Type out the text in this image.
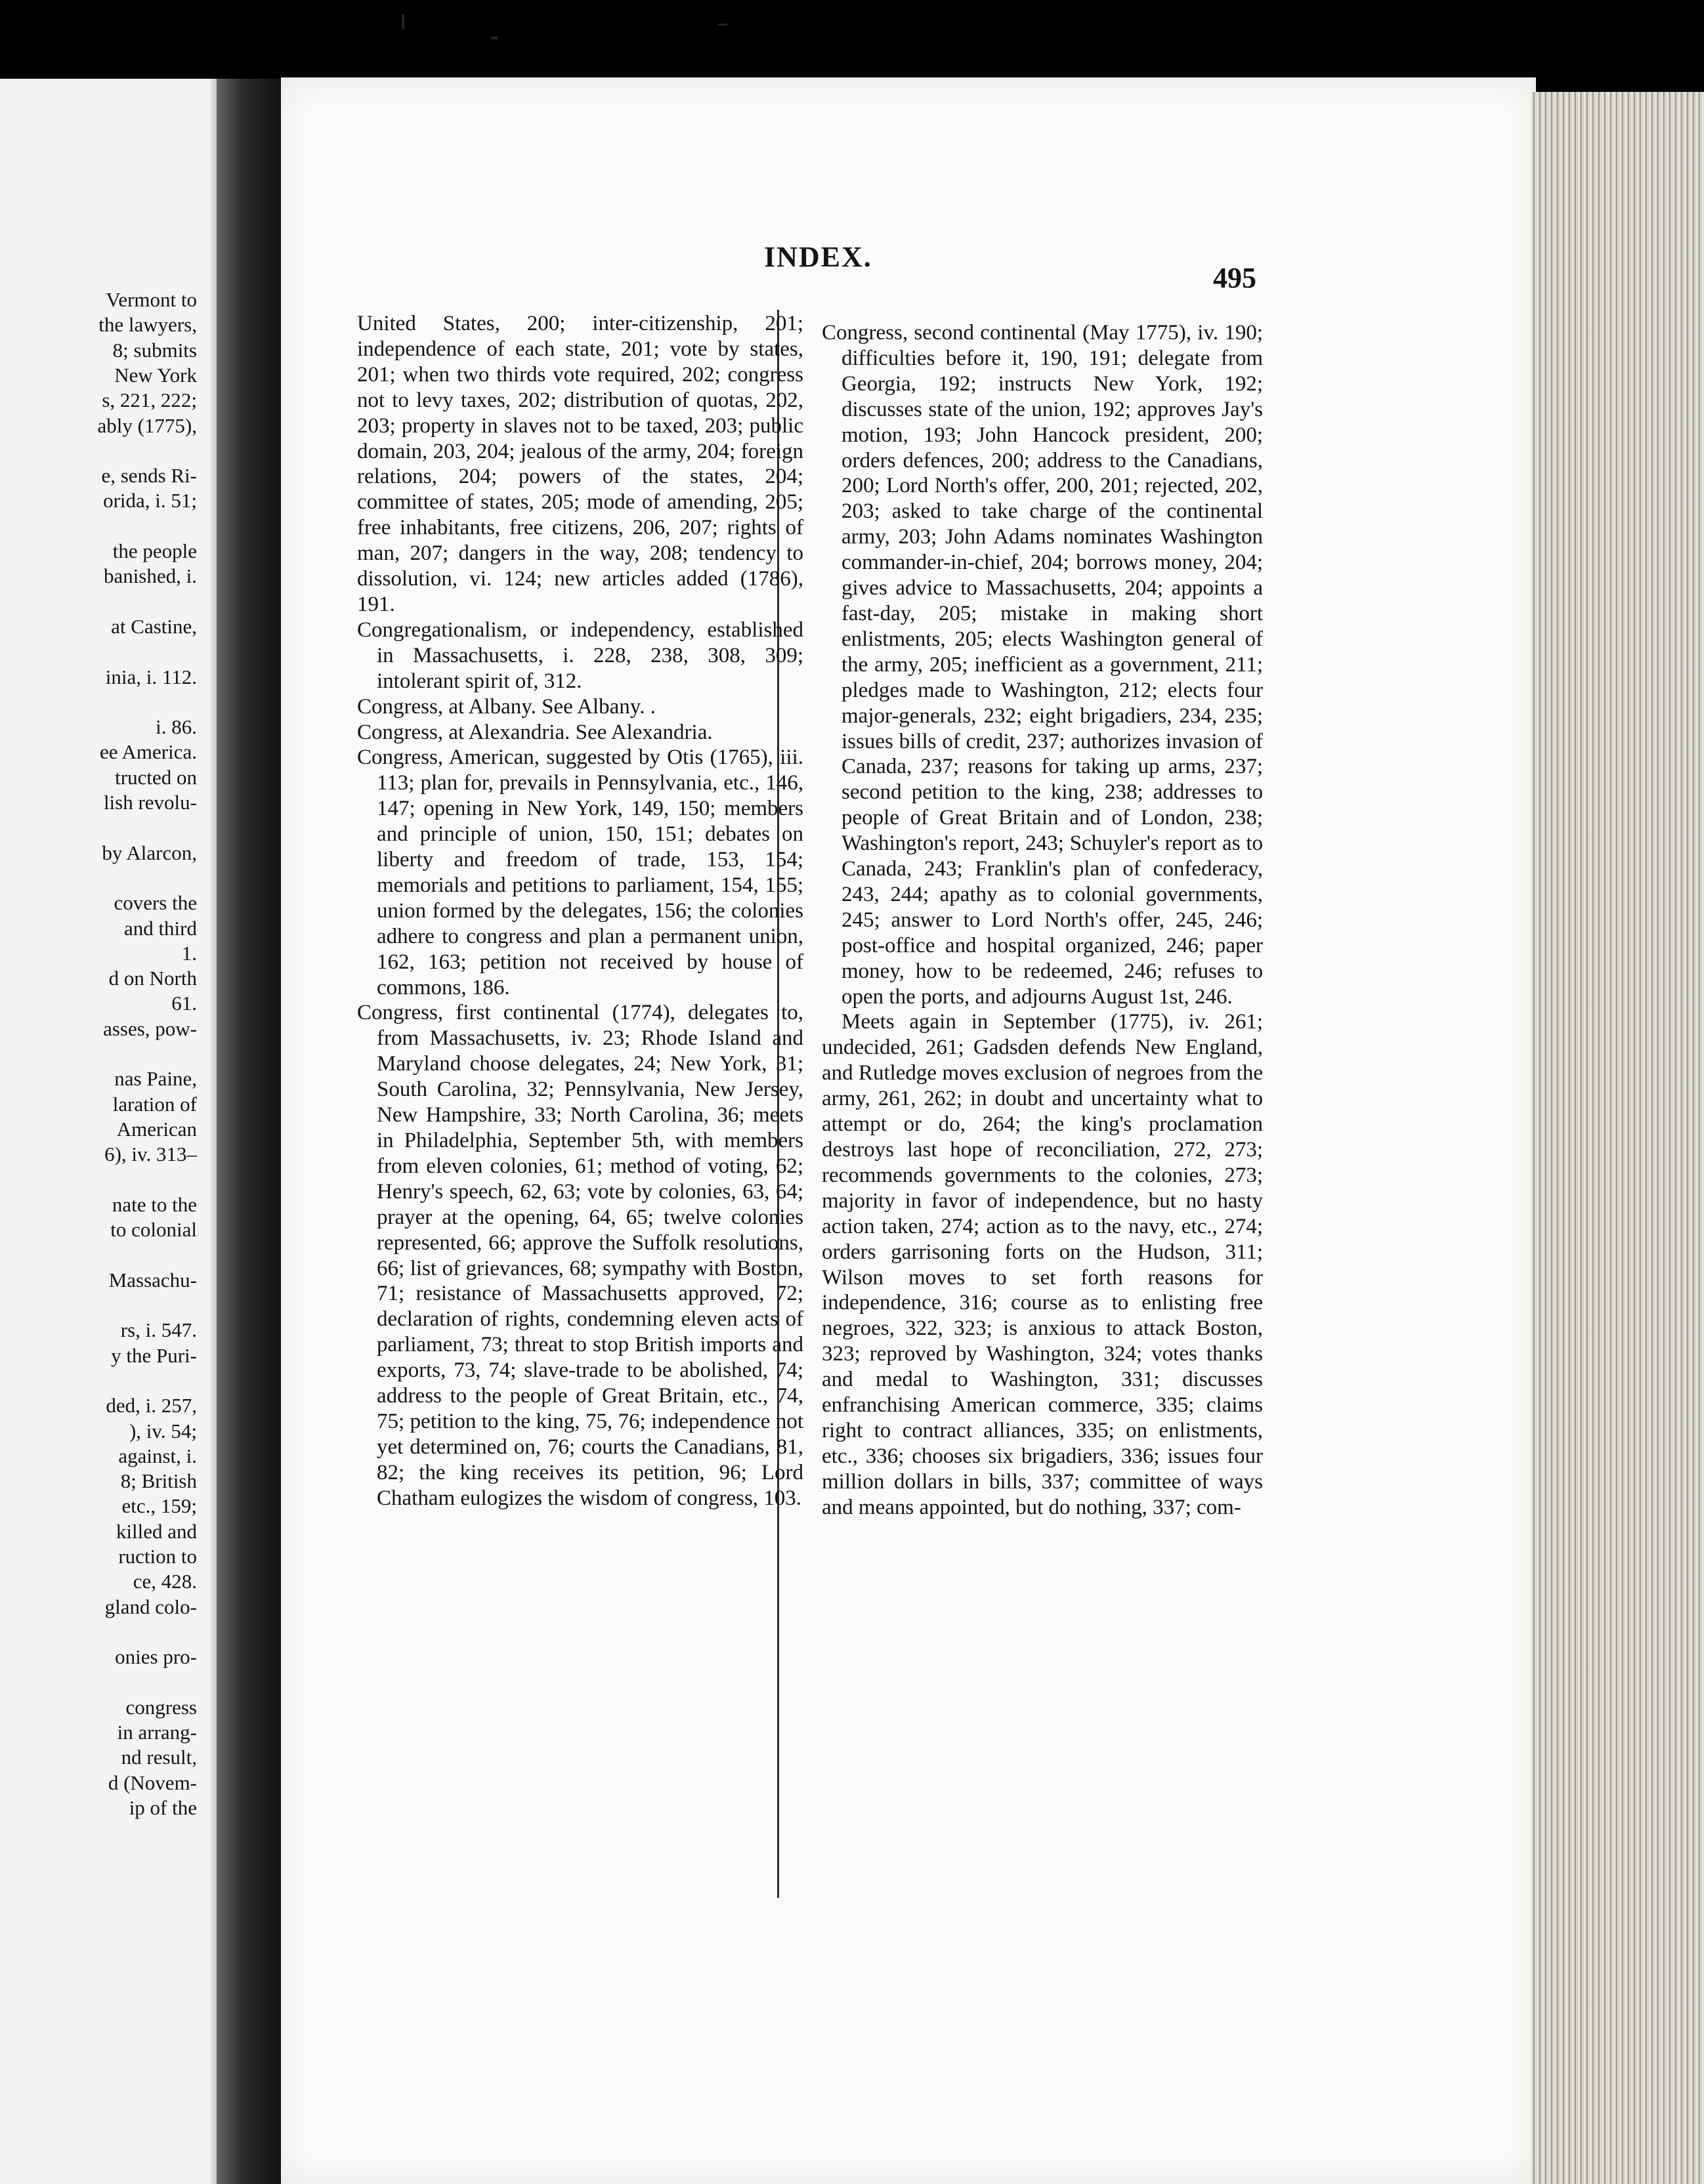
Vermont to
the lawyers,
8; submits
New York
s, 221, 222;
ably (1775),
e, sends Ri-
orida, i. 51;
the people
banished, i.
at Castine,
inia, i. 112.
i. 86.
ee America.
tructed on
lish revolu-
by Alarcon,
covers the
and third
1.
d on North
61.
asses, pow-
nas Paine,
laration of
American
6), iv. 313–
nate to the
to colonial
Massachu-
rs, i. 547.
y the Puri-
ded, i. 257,
), iv. 54;
against, i.
8; British
etc., 159;
killed and
ruction to
ce, 428.
gland colo-
onies pro-
congress
in arrang-
nd result,
d (Novem-
ip of the
INDEX.
495

United States, 200; inter-citizenship, 201; independence of each state, 201; vote by states, 201; when two thirds vote required, 202; congress not to levy taxes, 202; distribution of quotas, 202, 203; property in slaves not to be taxed, 203; public domain, 203, 204; jealous of the army, 204; foreign relations, 204; powers of the states, 204; committee of states, 205; mode of amending, 205; free inhabitants, free citizens, 206, 207; rights of man, 207; dangers in the way, 208; tendency to dissolution, vi. 124; new articles added (1786), 191.

Congregationalism, or independency, established in Massachusetts, i. 228, 238, 308, 309; intolerant spirit of, 312.

Congress, at Albany. See Albany. .

Congress, at Alexandria. See Alexandria.

Congress, American, suggested by Otis (1765), iii. 113; plan for, prevails in Pennsylvania, etc., 146, 147; opening in New York, 149, 150; members and principle of union, 150, 151; debates on liberty and freedom of trade, 153, 154; memorials and petitions to parliament, 154, 155; union formed by the delegates, 156; the colonies adhere to congress and plan a permanent union, 162, 163; petition not received by house of commons, 186.

Congress, first continental (1774), delegates to, from Massachusetts, iv. 23; Rhode Island and Maryland choose delegates, 24; New York, 31; South Carolina, 32; Pennsylvania, New Jersey, New Hampshire, 33; North Carolina, 36; meets in Philadelphia, September 5th, with members from eleven colonies, 61; method of voting, 62; Henry's speech, 62, 63; vote by colonies, 63, 64; prayer at the opening, 64, 65; twelve colonies represented, 66; approve the Suffolk resolutions, 66; list of grievances, 68; sympathy with Boston, 71; resistance of Massachusetts approved, 72; declaration of rights, condemning eleven acts of parliament, 73; threat to stop British imports and exports, 73, 74; slave-trade to be abolished, 74; address to the people of Great Britain, etc., 74, 75; petition to the king, 75, 76; independence not yet determined on, 76; courts the Canadians, 81, 82; the king receives its petition, 96; Lord Chatham eulogizes the wisdom of congress, 103.

Congress, second continental (May 1775), iv. 190; difficulties before it, 190, 191; delegate from Georgia, 192; instructs New York, 192; discusses state of the union, 192; approves Jay's motion, 193; John Hancock president, 200; orders defences, 200; address to the Canadians, 200; Lord North's offer, 200, 201; rejected, 202, 203; asked to take charge of the continental army, 203; John Adams nominates Washington commander-in-chief, 204; borrows money, 204; gives advice to Massachusetts, 204; appoints a fast-day, 205; mistake in making short enlistments, 205; elects Washington general of the army, 205; inefficient as a government, 211; pledges made to Washington, 212; elects four major-generals, 232; eight brigadiers, 234, 235; issues bills of credit, 237; authorizes invasion of Canada, 237; reasons for taking up arms, 237; second petition to the king, 238; addresses to people of Great Britain and of London, 238; Washington's report, 243; Schuyler's report as to Canada, 243; Franklin's plan of confederacy, 243, 244; apathy as to colonial governments, 245; answer to Lord North's offer, 245, 246; post-office and hospital organized, 246; paper money, how to be redeemed, 246; refuses to open the ports, and adjourns August 1st, 246.

Meets again in September (1775), iv. 261; undecided, 261; Gadsden defends New England, and Rutledge moves exclusion of negroes from the army, 261, 262; in doubt and uncertainty what to attempt or do, 264; the king's proclamation destroys last hope of reconciliation, 272, 273; recommends governments to the colonies, 273; majority in favor of independence, but no hasty action taken, 274; action as to the navy, etc., 274; orders garrisoning forts on the Hudson, 311; Wilson moves to set forth reasons for independence, 316; course as to enlisting free negroes, 322, 323; is anxious to attack Boston, 323; reproved by Washington, 324; votes thanks and medal to Washington, 331; discusses enfranchising American commerce, 335; claims right to contract alliances, 335; on enlistments, etc., 336; chooses six brigadiers, 336; issues four million dollars in bills, 337; committee of ways and means appointed, but do nothing, 337; com-
